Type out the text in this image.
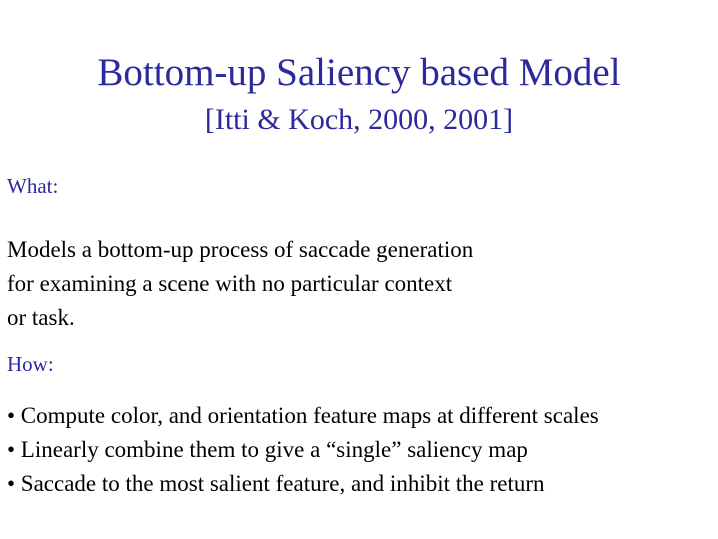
Bottom-up Saliency based Model
[Itti & Koch, 2000, 2001]
What:
Models a bottom-up process of saccade generation
for examining a scene with no particular context
or task.
How:
• Compute color, and orientation feature maps at different scales
• Linearly combine them to give a “single” saliency map
• Saccade to the most salient feature, and inhibit the return
